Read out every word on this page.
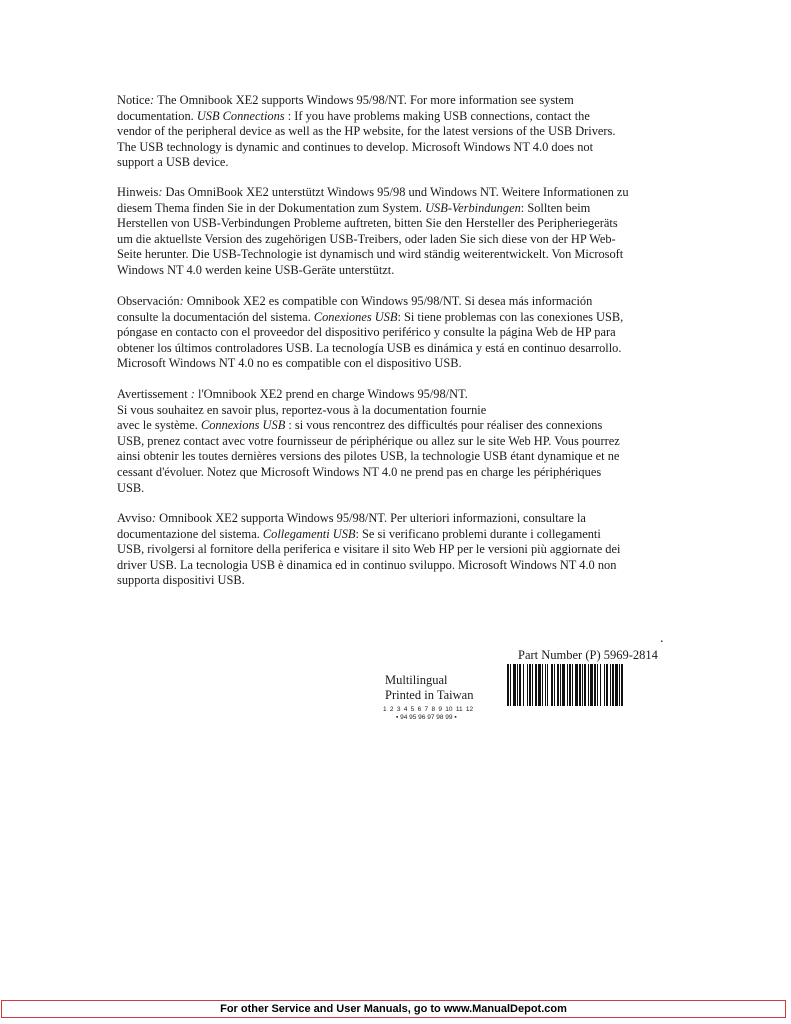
Notice: The Omnibook XE2 supports Windows 95/98/NT. For more information see system
documentation. USB Connections : If you have problems making USB connections, contact the
vendor of the peripheral device as well as the HP website, for the latest versions of the USB Drivers.
The USB technology is dynamic and continues to develop. Microsoft Windows NT 4.0 does not
support a USB device.
Hinweis: Das OmniBook XE2 unterstützt Windows 95/98 und Windows NT. Weitere Informationen zu
diesem Thema finden Sie in der Dokumentation zum System. USB-Verbindungen: Sollten beim
Herstellen von USB-Verbindungen Probleme auftreten, bitten Sie den Hersteller des Peripheriegeräts
um die aktuellste Version des zugehörigen USB-Treibers, oder laden Sie sich diese von der HP Web-
Seite herunter. Die USB-Technologie ist dynamisch und wird ständig weiterentwickelt. Von Microsoft
Windows NT 4.0 werden keine USB-Geräte unterstützt.
Observación: Omnibook XE2 es compatible con Windows 95/98/NT. Si desea más información
consulte la documentación del sistema. Conexiones USB: Si tiene problemas con las conexiones USB,
póngase en contacto con el proveedor del dispositivo periférico y consulte la página Web de HP para
obtener los últimos controladores USB. La tecnología USB es dinámica y está en continuo desarrollo.
Microsoft Windows NT 4.0 no es compatible con el dispositivo USB.
Avertissement : l'Omnibook XE2 prend en charge Windows 95/98/NT.
Si vous souhaitez en savoir plus, reportez-vous à la documentation fournie
avec le système. Connexions USB : si vous rencontrez des difficultés pour réaliser des connexions
USB, prenez contact avec votre fournisseur de périphérique ou allez sur le site Web HP. Vous pourrez
ainsi obtenir les toutes dernières versions des pilotes USB, la technologie USB étant dynamique et ne
cessant d'évoluer. Notez que Microsoft Windows NT 4.0 ne prend pas en charge les périphériques
USB.
Avviso: Omnibook XE2 supporta Windows 95/98/NT. Per ulteriori informazioni, consultare la
documentazione del sistema. Collegamenti USB: Se si verificano problemi durante i collegamenti
USB, rivolgersi al fornitore della periferica e visitare il sito Web HP per le versioni più aggiornate dei
driver USB. La tecnologia USB è dinamica ed in continuo sviluppo. Microsoft Windows NT 4.0 non
supporta dispositivi USB.
.
Part Number (P) 5969-2814
Multilingual
Printed in Taiwan
1 2 3 4 5 6 7 8 9 10 11 12
▪ 94 95 96 97 98 99 ▪
For other Service and User Manuals, go to www.ManualDepot.com
